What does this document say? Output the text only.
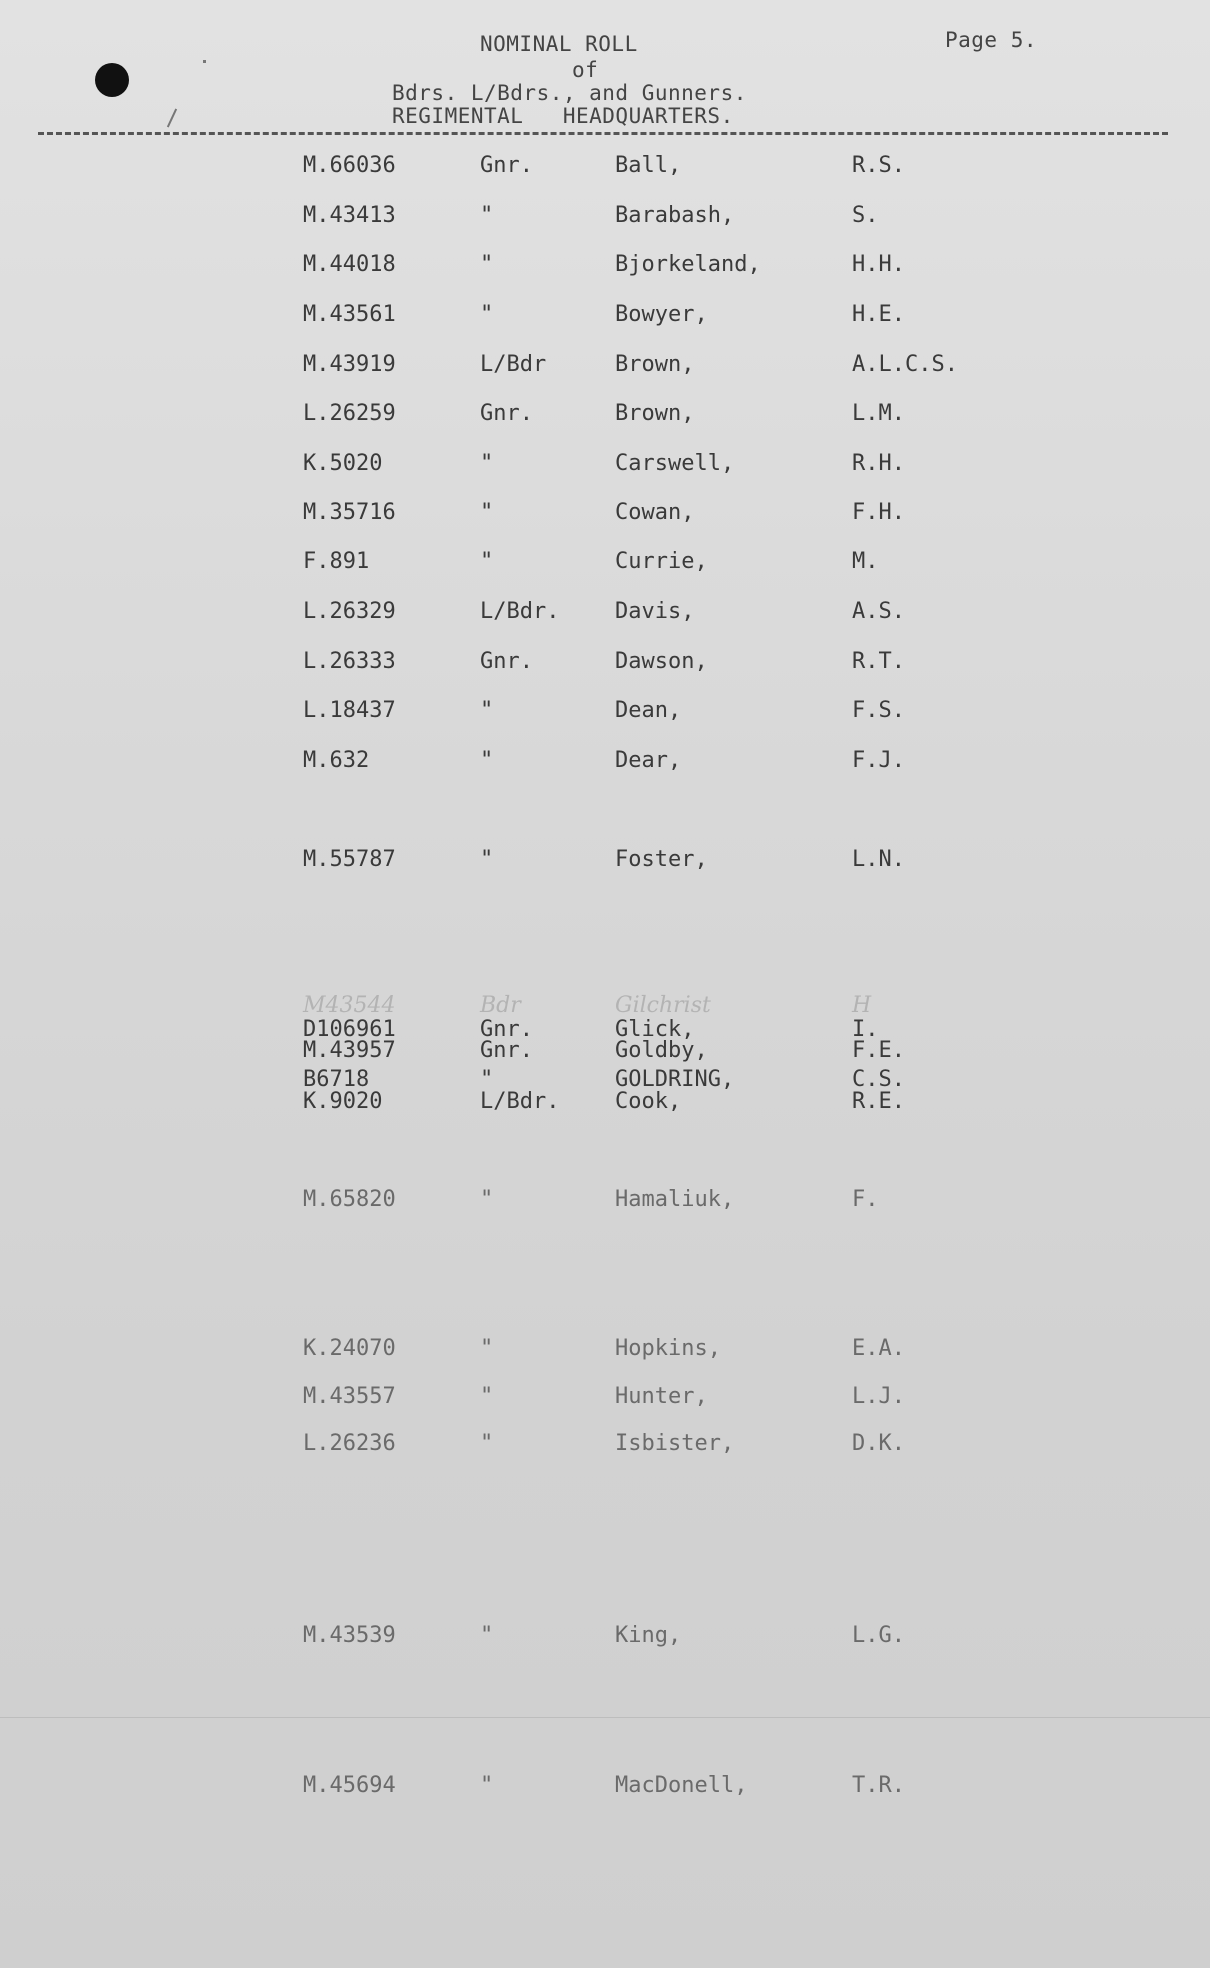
NOMINAL ROLL
of
Bdrs. L/Bdrs., and Gunners.
REGIMENTAL   HEADQUARTERS.
Page 5.
M.66036	Gnr.	Ball,	R.S.
M.43413	"	Barabash,	S.
M.44018	"	Bjorkeland,	H.H.
M.43561	"	Bowyer,	H.E.
M.43919	L/Bdr	Brown,	A.L.C.S.
L.26259	Gnr.	Brown,	L.M.
K.5020	"	Carswell,	R.H.
M.35716	"	Cowan,	F.H.
F.891	"	Currie,	M.
L.26329	L/Bdr.	Davis,	A.S.
L.26333	Gnr.	Dawson,	R.T.
L.18437	"	Dean,	F.S.
M.632	"	Dear,	F.J.
M.55787	"	Foster,	L.N.
M43544	Bdr	Gilchrist	H
D106961	Gnr.	Glick,	I.
M.43957	Gnr.	Goldby,	F.E.
B6718	"	GOLDRING,	C.S.
K.9020	L/Bdr.	Cook,	R.E.
M.65820	"	Hamaliuk,	F.
K.24070	"	Hopkins,	E.A.
M.43557	"	Hunter,	L.J.
L.26236	"	Isbister,	D.K.
M.43539	"	King,	L.G.
M.45694	"	MacDonell,	T.R.
